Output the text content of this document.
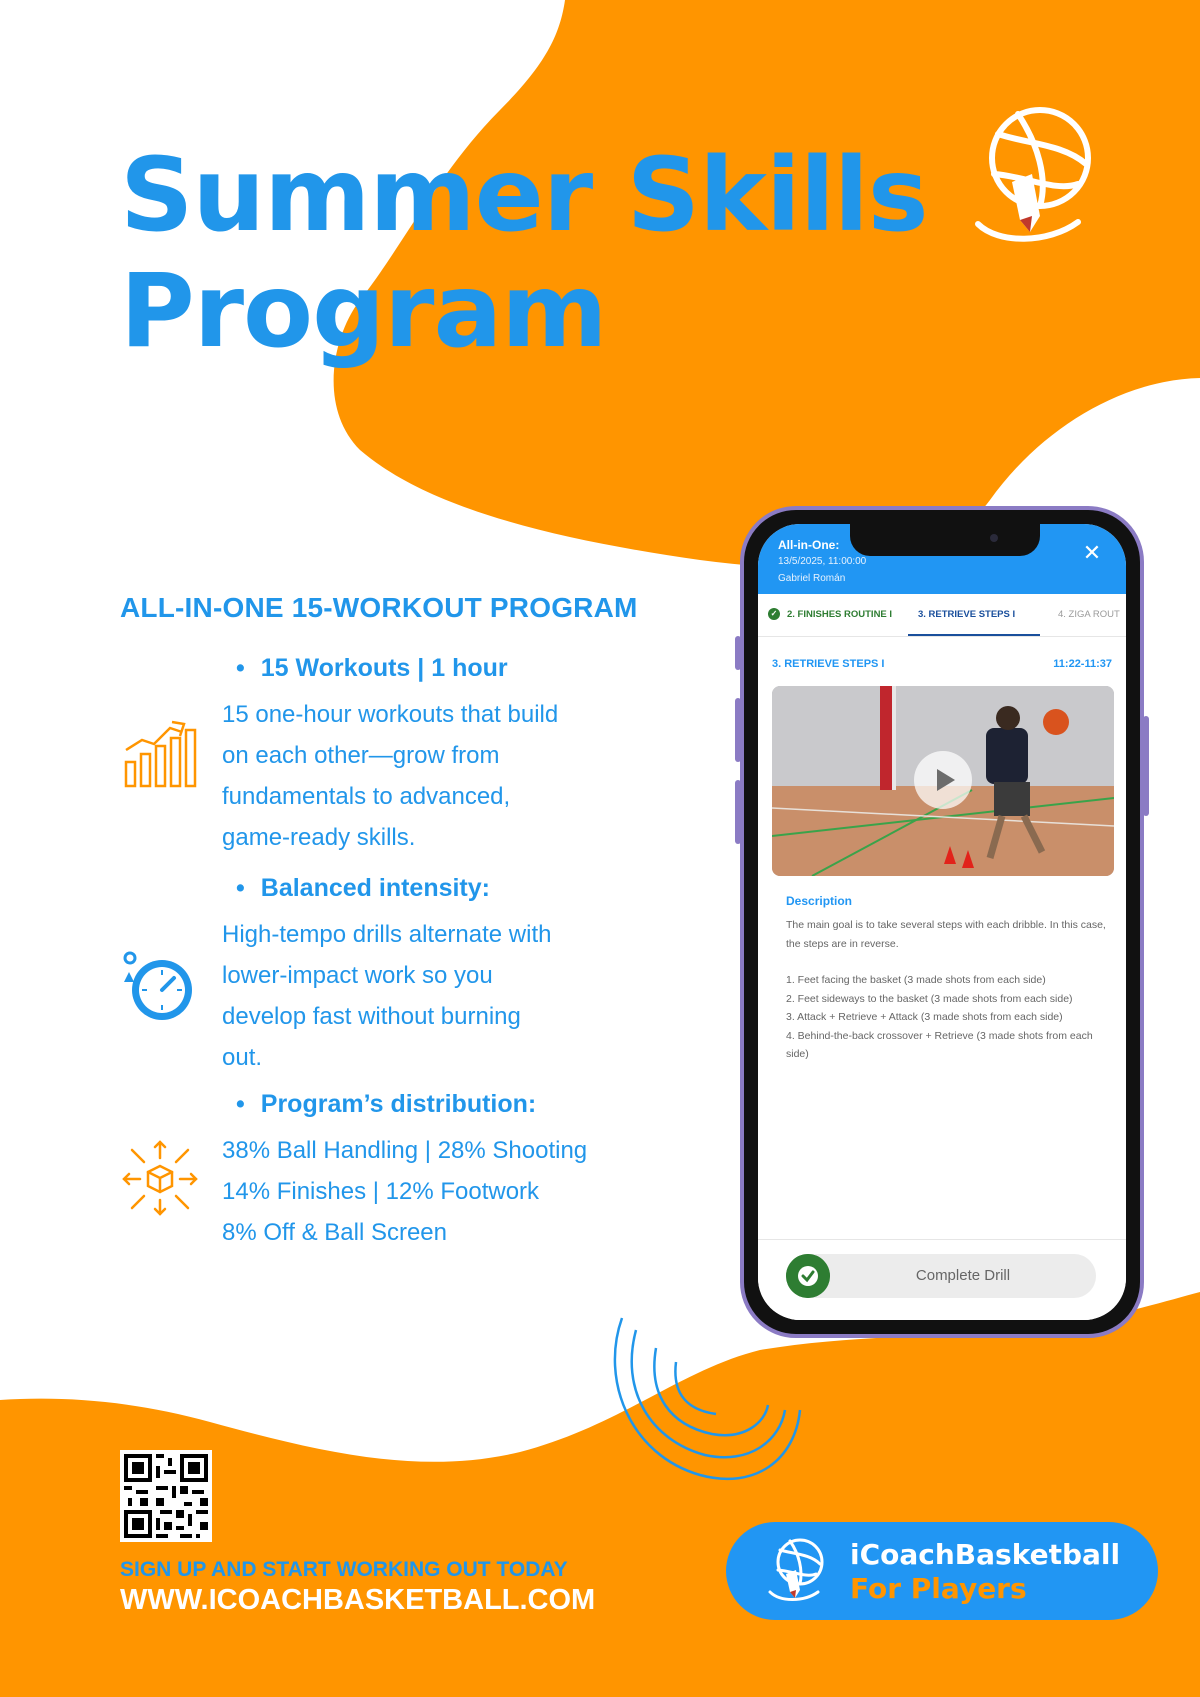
Summer Skills
Program
ALL-IN-ONE 15-WORKOUT PROGRAM

• 15 Workouts | 1 hour

15 one-hour workouts that build
on each other—grow from
fundamentals to advanced,
game-ready skills.

• Balanced intensity:

High-tempo drills alternate with
lower-impact work so you
develop fast without burning
out.

• Program’s distribution:

38% Ball Handling | 28% Shooting
14% Finishes | 12% Footwork
8% Off & Ball Screen
All-in-One:
13/5/2025, 11:00:00
Gabriel Román
✕
✓ 2. FINISHES ROUTINE I	3. RETRIEVE STEPS I	4. ZIGA ROUT
3. RETRIEVE STEPS I	11:22-11:37
Description

The main goal is to take several steps with each dribble. In this case, the steps are in reverse.

1. Feet facing the basket (3 made shots from each side)
2. Feet sideways to the basket (3 made shots from each side)
3. Attack + Retrieve + Attack (3 made shots from each side)
4. Behind-the-back crossover + Retrieve (3 made shots from each side)
Complete Drill

SIGN UP AND START WORKING OUT TODAY

WWW.ICOACHBASKETBALL.COM

iCoachBasketball
For Players
